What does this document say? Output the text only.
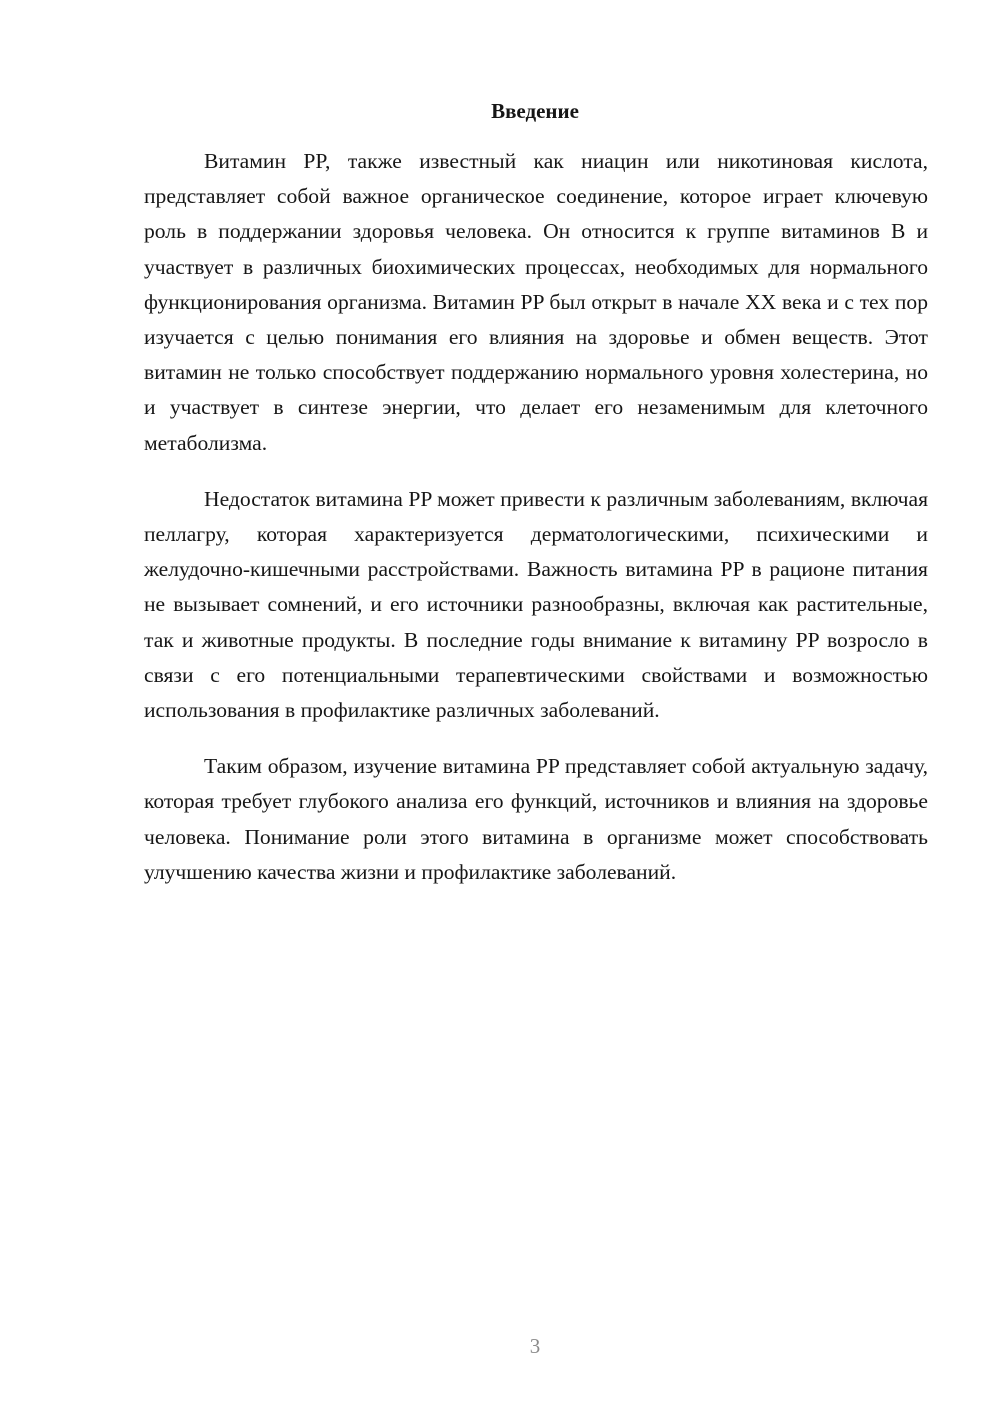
Введение

Витамин PP, также известный как ниацин или никотиновая кислота, представляет собой важное органическое соединение, которое играет ключевую роль в поддержании здоровья человека. Он относится к группе витаминов B и участвует в различных биохимических процессах, необходимых для нормального функционирования организма. Витамин PP был открыт в начале XX века и с тех пор изучается с целью понимания его влияния на здоровье и обмен веществ. Этот витамин не только способствует поддержанию нормального уровня холестерина, но и участвует в синтезе энергии, что делает его незаменимым для клеточного метаболизма.

Недостаток витамина PP может привести к различным заболеваниям, включая пеллагру, которая характеризуется дерматологическими, психическими и желудочно-кишечными расстройствами. Важность витамина PP в рационе питания не вызывает сомнений, и его источники разнообразны, включая как растительные, так и животные продукты. В последние годы внимание к витамину PP возросло в связи с его потенциальными терапевтическими свойствами и возможностью использования в профилактике различных заболеваний.

Таким образом, изучение витамина PP представляет собой актуальную задачу, которая требует глубокого анализа его функций, источников и влияния на здоровье человека. Понимание роли этого витамина в организме может способствовать улучшению качества жизни и профилактике заболеваний.

3
